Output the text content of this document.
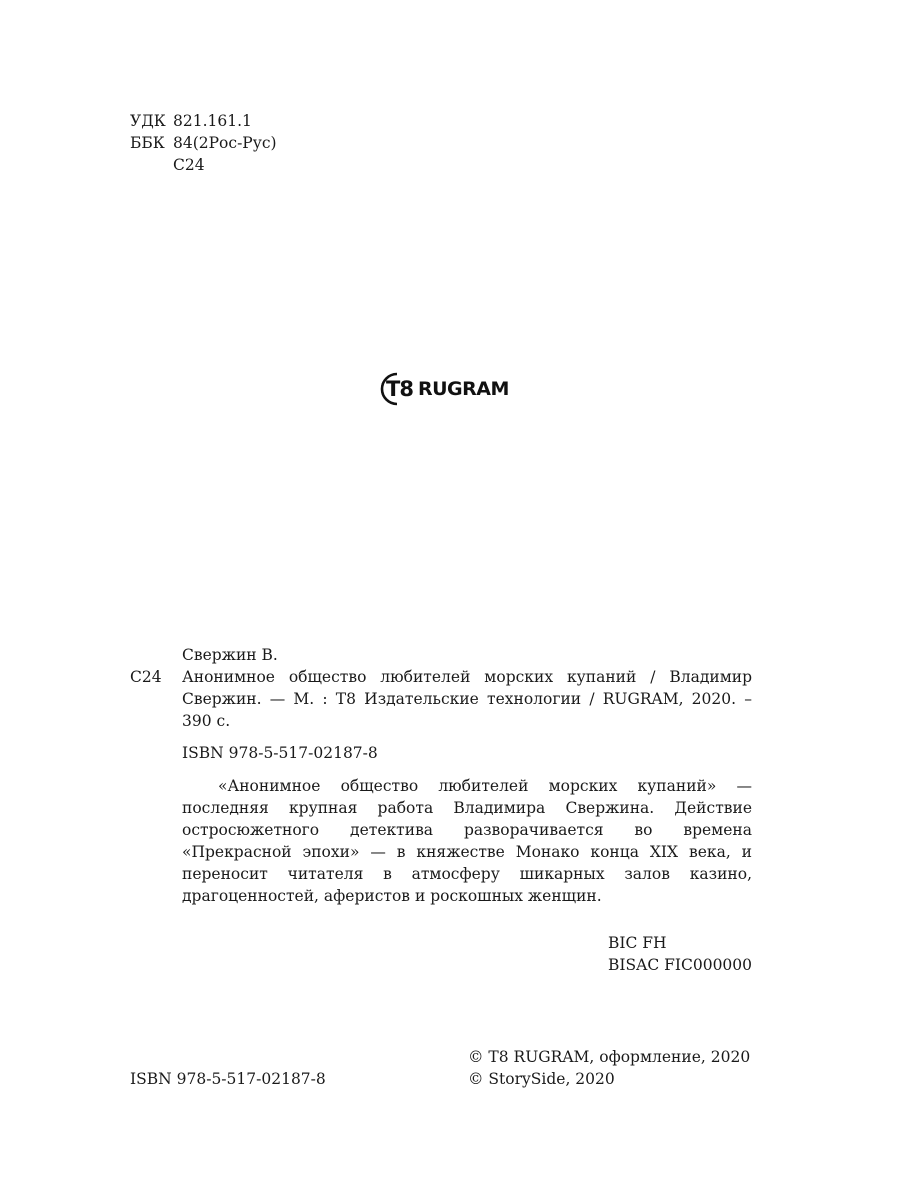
УДК 821.161.1
ББК 84(2Рос-Рус)
С24
T8 RUGRAM
С24
Свержин В.
Анонимное общество любителей морских купаний / Владимир Свержин. — М. : Т8 Издательские технологии / RUGRAM, 2020. – 390 с.
ISBN 978-5-517-02187-8
«Анонимное общество любителей морских купаний» — последняя крупная работа Владимира Свержина. Действие остросюжетного детектива разворачивается во времена «Прекрасной эпохи» — в княжестве Монако конца XIX века, и переносит читателя в атмосферу шикарных залов казино, драгоценностей, аферистов и роскошных женщин.
BIC FH
BISAC FIC000000
ISBN 978-5-517-02187-8
© Т8 RUGRAM, оформление, 2020
© StorySide, 2020
